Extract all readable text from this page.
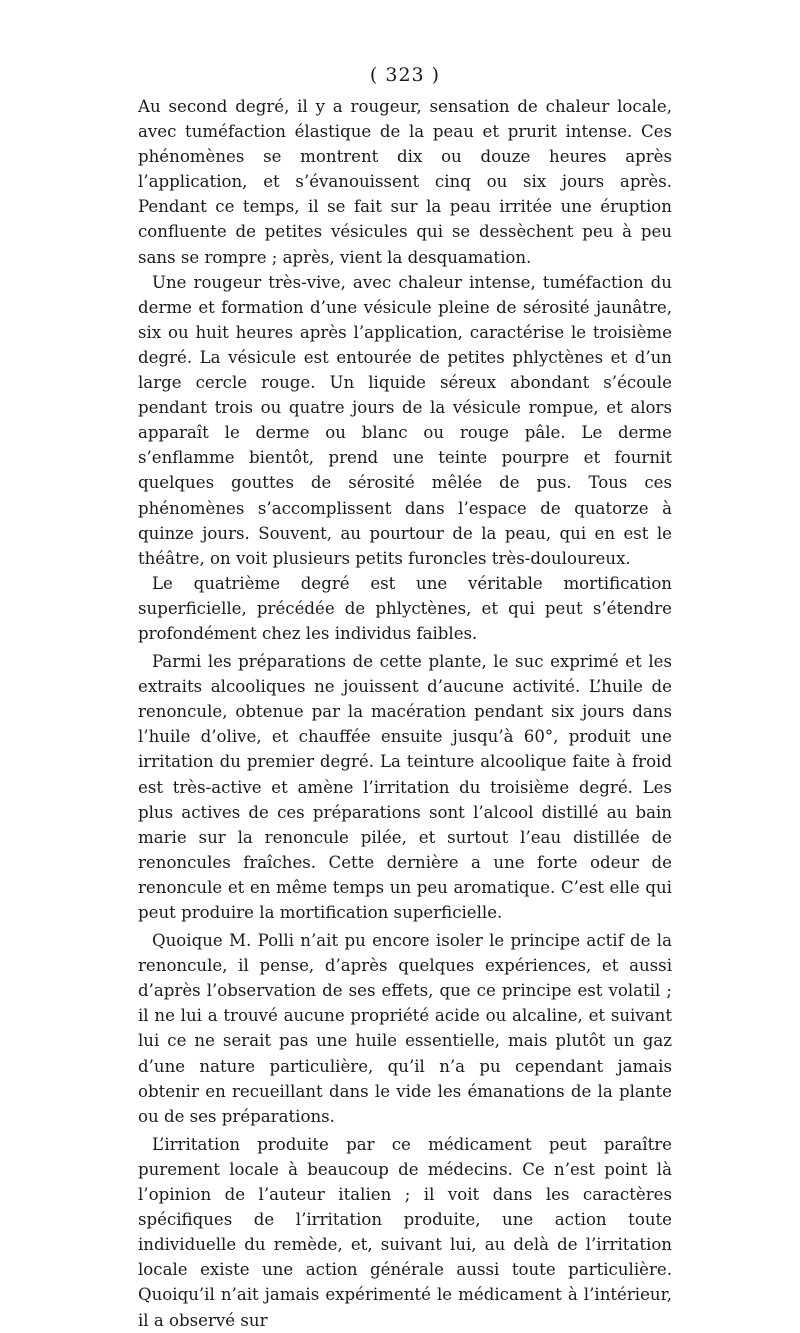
( 323 )

Au second degré, il y a rougeur, sensation de chaleur locale, avec tuméfaction élastique de la peau et prurit intense. Ces phénomènes se montrent dix ou douze heures après l’application, et s’évanouissent cinq ou six jours après. Pendant ce temps, il se fait sur la peau irritée une éruption confluente de petites vésicules qui se dessèchent peu à peu sans se rompre ; après, vient la desquamation.

Une rougeur très-vive, avec chaleur intense, tuméfaction du derme et formation d’une vésicule pleine de sérosité jaunâtre, six ou huit heures après l’application, caractérise le troisième degré. La vésicule est entourée de petites phlyctènes et d’un large cercle rouge. Un liquide séreux abondant s’écoule pendant trois ou quatre jours de la vésicule rompue, et alors apparaît le derme ou blanc ou rouge pâle. Le derme s’enflamme bientôt, prend une teinte pourpre et fournit quelques gouttes de sérosité mêlée de pus. Tous ces phénomènes s’accomplissent dans l’espace de quatorze à quinze jours. Souvent, au pourtour de la peau, qui en est le théâtre, on voit plusieurs petits furoncles très-douloureux.

Le quatrième degré est une véritable mortification superficielle, précédée de phlyctènes, et qui peut s’étendre profondément chez les individus faibles.

Parmi les préparations de cette plante, le suc exprimé et les extraits alcooliques ne jouissent d’aucune activité. L’huile de renoncule, obtenue par la macération pendant six jours dans l’huile d’olive, et chauffée ensuite jusqu’à 60°, produit une irritation du premier degré. La teinture alcoolique faite à froid est très-active et amène l’irritation du troisième degré. Les plus actives de ces préparations sont l’alcool distillé au bain marie sur la renoncule pilée, et surtout l’eau distillée de renoncules fraîches. Cette dernière a une forte odeur de renoncule et en même temps un peu aromatique. C’est elle qui peut produire la mortification superficielle.

Quoique M. Polli n’ait pu encore isoler le principe actif de la renoncule, il pense, d’après quelques expériences, et aussi d’après l’observation de ses effets, que ce principe est volatil ; il ne lui a trouvé aucune propriété acide ou alcaline, et suivant lui ce ne serait pas une huile essentielle, mais plutôt un gaz d’une nature particulière, qu’il n’a pu cependant jamais obtenir en recueillant dans le vide les émanations de la plante ou de ses préparations.

L’irritation produite par ce médicament peut paraître purement locale à beaucoup de médecins. Ce n’est point là l’opinion de l’auteur italien ; il voit dans les caractères spécifiques de l’irritation produite, une action toute individuelle du remède, et, suivant lui, au delà de l’irritation locale existe une action générale aussi toute particulière. Quoiqu’il n’ait jamais expérimenté le médicament à l’intérieur, il a observé sur
